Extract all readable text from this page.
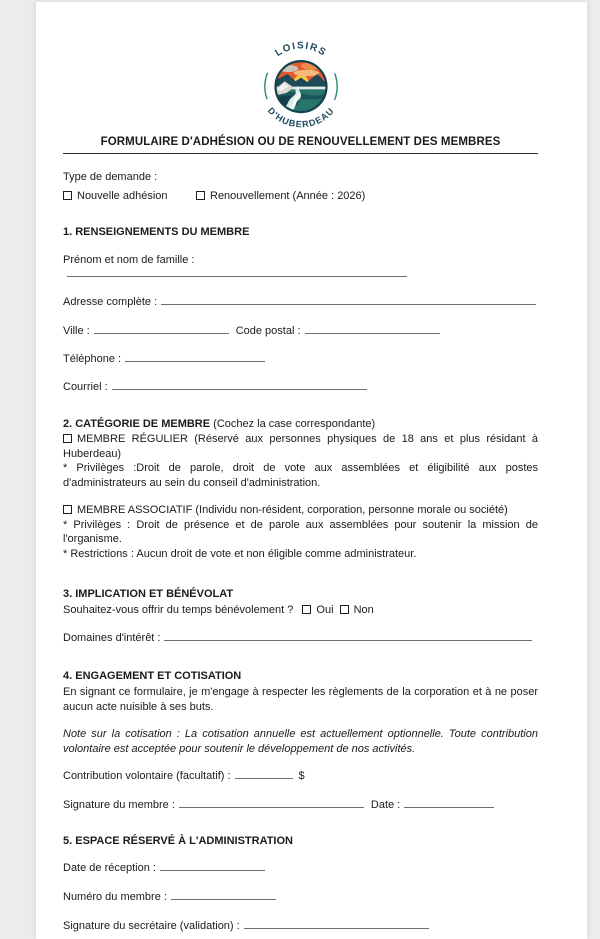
LOISIRS
D'HUBERDEAU
FORMULAIRE D'ADHÉSION OU DE RENOUVELLEMENT DES MEMBRES
Type de demande :
Nouvelle adhésion	Renouvellement (Année : 2026)
1. RENSEIGNEMENTS DU MEMBRE
Prénom et nom de famille :
Adresse complète :
Ville :	Code postal :
Téléphone :
Courriel :
2. CATÉGORIE DE MEMBRE (Cochez la case correspondante)
MEMBRE RÉGULIER (Réservé aux personnes physiques de 18 ans et plus résidant à Huberdeau)
* Privilèges :Droit de parole, droit de vote aux assemblées et éligibilité aux postes d'administrateurs au sein du conseil d'administration.
MEMBRE ASSOCIATIF (Individu non-résident, corporation, personne morale ou société)
* Privilèges : Droit de présence et de parole aux assemblées pour soutenir la mission de l'organisme.
* Restrictions : Aucun droit de vote et non éligible comme administrateur.
3. IMPLICATION ET BÉNÉVOLAT
Souhaitez-vous offrir du temps bénévolement ? Oui Non
Domaines d'intérêt :
4. ENGAGEMENT ET COTISATION
En signant ce formulaire, je m'engage à respecter les règlements de la corporation et à ne poser aucun acte nuisible à ses buts.
Note sur la cotisation : La cotisation annuelle est actuellement optionnelle. Toute contribution volontaire est acceptée pour soutenir le développement de nos activités.
Contribution volontaire (facultatif) :	$
Signature du membre :	Date :
5. ESPACE RÉSERVÉ À L'ADMINISTRATION
Date de réception :
Numéro du membre :
Signature du secrétaire (validation) :
